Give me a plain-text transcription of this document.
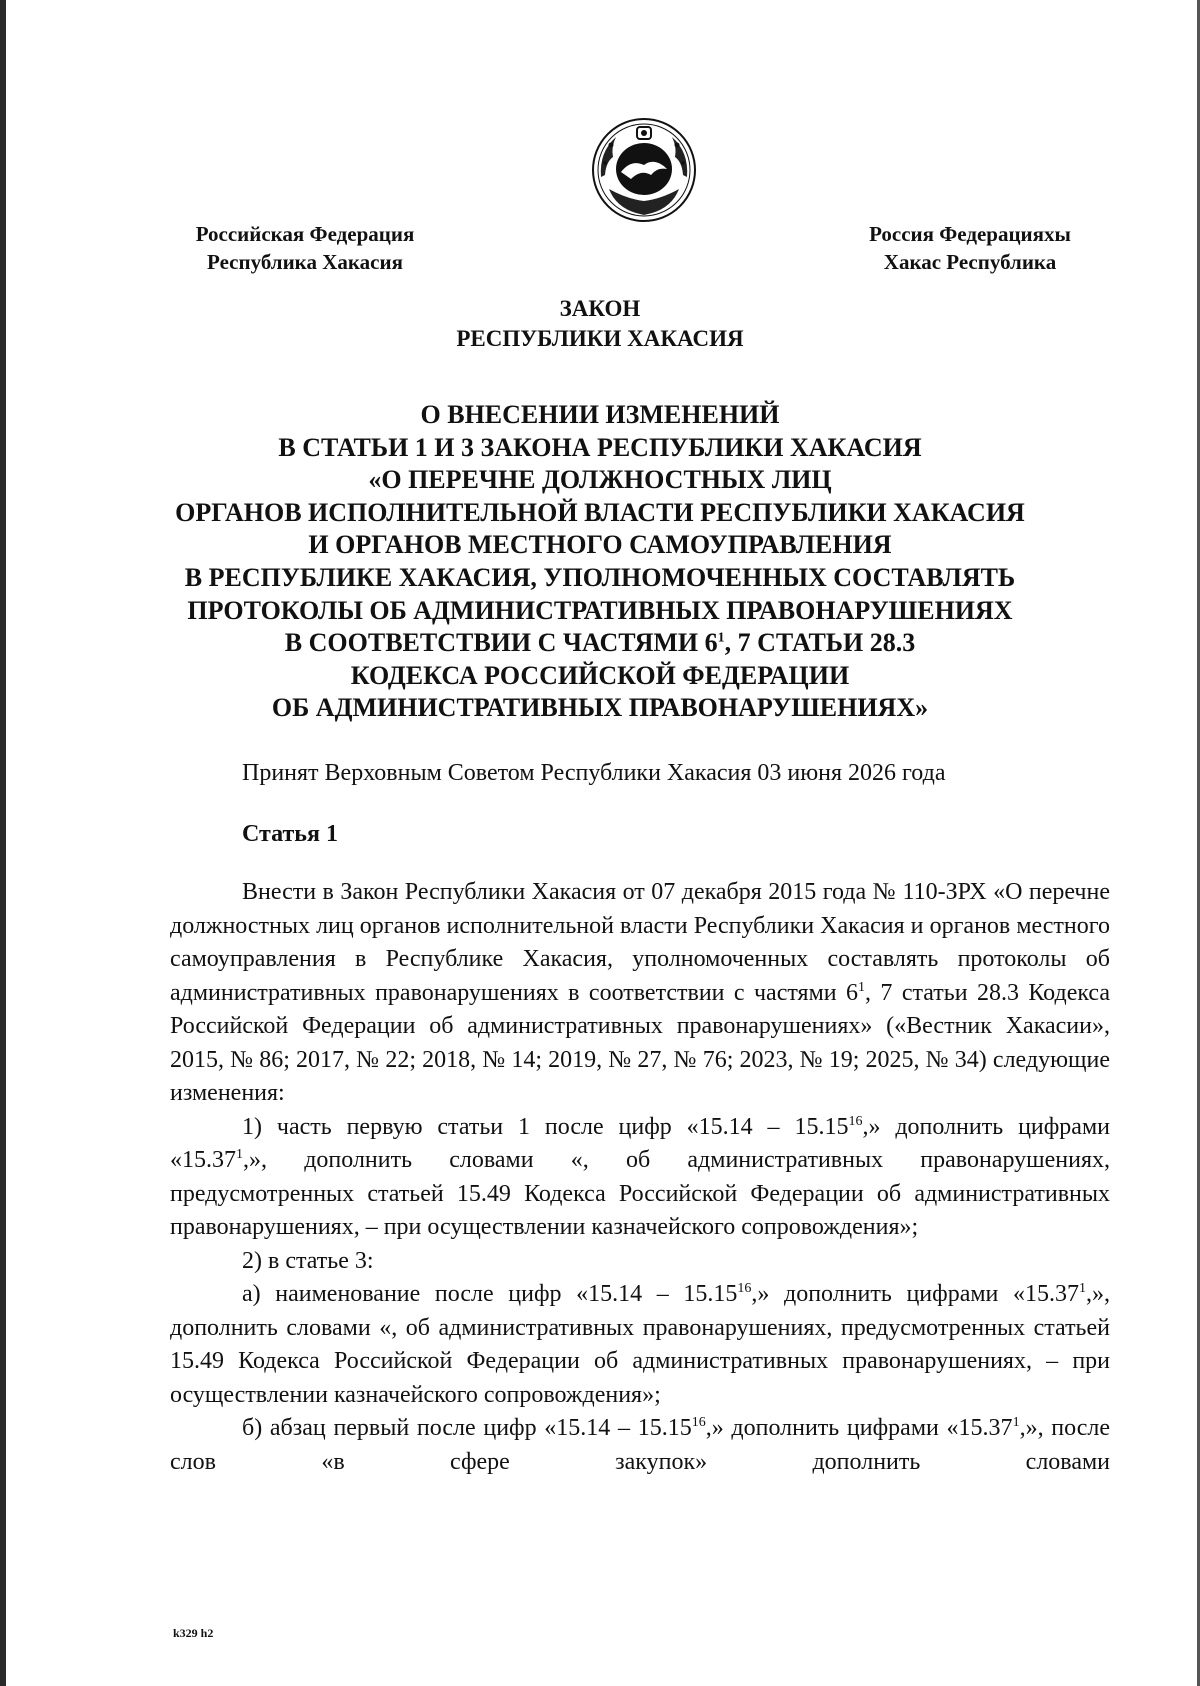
Российская Федерация
Республика Хакасия
Россия Федерацияхы
Хакас Республика
ЗАКОН
РЕСПУБЛИКИ ХАКАСИЯ
О ВНЕСЕНИИ ИЗМЕНЕНИЙ
В СТАТЬИ 1 И 3 ЗАКОНА РЕСПУБЛИКИ ХАКАСИЯ
«О ПЕРЕЧНЕ ДОЛЖНОСТНЫХ ЛИЦ
ОРГАНОВ ИСПОЛНИТЕЛЬНОЙ ВЛАСТИ РЕСПУБЛИКИ ХАКАСИЯ
И ОРГАНОВ МЕСТНОГО САМОУПРАВЛЕНИЯ
В РЕСПУБЛИКЕ ХАКАСИЯ, УПОЛНОМОЧЕННЫХ СОСТАВЛЯТЬ
ПРОТОКОЛЫ ОБ АДМИНИСТРАТИВНЫХ ПРАВОНАРУШЕНИЯХ
В СООТВЕТСТВИИ С ЧАСТЯМИ $6^1$, 7 СТАТЬИ 28.3
КОДЕКСА РОССИЙСКОЙ ФЕДЕРАЦИИ
ОБ АДМИНИСТРАТИВНЫХ ПРАВОНАРУШЕНИЯХ»
Принят Верховным Советом Республики Хакасия 03 июня 2026 года
Статья 1

Внести в Закон Республики Хакасия от 07 декабря 2015 года № 110-ЗРХ «О перечне должностных лиц органов исполнительной власти Республики Хакасия и органов местного самоуправления в Республике Хакасия, уполномоченных составлять протоколы об административных правонарушениях в соответствии с частями $6^1$, 7 статьи 28.3 Кодекса Российской Федерации об административных правонарушениях» («Вестник Хакасии», 2015, № 86; 2017, № 22; 2018, № 14; 2019, № 27, № 76; 2023, № 19; 2025, № 34) следующие изменения:

1) часть первую статьи 1 после цифр «15.14 – 15.15$^{16}$,» дополнить цифрами «15.37$^1$,», дополнить словами «, об административных правонарушениях, предусмотренных статьей 15.49 Кодекса Российской Федерации об административных правонарушениях, – при осуществлении казначейского сопровождения»;

2) в статье 3:

а) наименование после цифр «15.14 – 15.15$^{16}$,» дополнить цифрами «15.37$^1$,», дополнить словами «, об административных правонарушениях, предусмотренных статьей 15.49 Кодекса Российской Федерации об административных правонарушениях, – при осуществлении казначейского сопровождения»;

б) абзац первый после цифр «15.14 – 15.15$^{16}$,» дополнить цифрами «15.37$^1$,», после слов «в сфере закупок» дополнить словами

k329 h2
